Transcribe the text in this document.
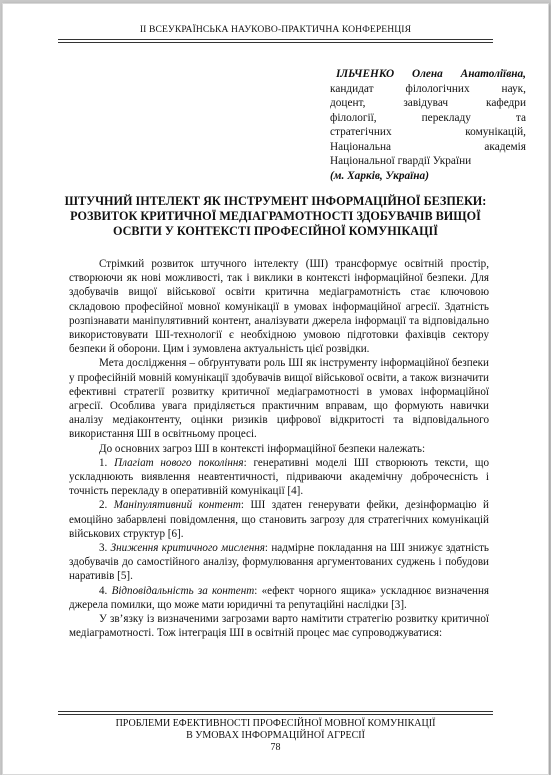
II ВСЕУКРАЇНСЬКА НАУКОВО-ПРАКТИЧНА КОНФЕРЕНЦІЯ
ІЛЬЧЕНКО Олена Анатоліївна,
кандидат філологічних наук,
доцент, завідувач кафедри
філології, перекладу та
стратегічних комунікацій,
Національна академія
Національної гвардії України
(м. Харків, Україна)
ШТУЧНИЙ ІНТЕЛЕКТ ЯК ІНСТРУМЕНТ ІНФОРМАЦІЙНОЇ БЕЗПЕКИ: РОЗВИТОК КРИТИЧНОЇ МЕДІАГРАМОТНОСТІ ЗДОБУВАЧІВ ВИЩОЇ ОСВІТИ У КОНТЕКСТІ ПРОФЕСІЙНОЇ КОМУНІКАЦІЇ

Стрімкий розвиток штучного інтелекту (ШІ) трансформує освітній простір, створюючи як нові можливості, так і виклики в контексті інформаційної безпеки. Для здобувачів вищої військової освіти критична медіаграмотність стає ключовою складовою професійної мовної комунікації в умовах інформаційної агресії. Здатність розпізнавати маніпулятивний контент, аналізувати джерела інформації та відповідально використовувати ШІ-технології є необхідною умовою підготовки фахівців сектору безпеки й оборони. Цим і зумовлена актуальність цієї розвідки.

Мета дослідження – обґрунтувати роль ШІ як інструменту інформаційної безпеки у професійній мовній комунікації здобувачів вищої військової освіти, а також визначити ефективні стратегії розвитку критичної медіаграмотності в умовах інформаційної агресії. Особлива увага приділяється практичним вправам, що формують навички аналізу медіаконтенту, оцінки ризиків цифрової відкритості та відповідального використання ШІ в освітньому процесі.

До основних загроз ШІ в контексті інформаційної безпеки належать:

1. Плагіат нового покоління: генеративні моделі ШІ створюють тексти, що ускладнюють виявлення неавтентичності, підриваючи академічну доброчесність і точність перекладу в оперативній комунікації [4].

2. Маніпулятивний контент: ШІ здатен генерувати фейки, дезінформацію й емоційно забарвлені повідомлення, що становить загрозу для стратегічних комунікацій військових структур [6].

3. Зниження критичного мислення: надмірне покладання на ШІ знижує здатність здобувачів до самостійного аналізу, формулювання аргументованих суджень і побудови наративів [5].

4. Відповідальність за контент: «ефект чорного ящика» ускладнює визначення джерела помилки, що може мати юридичні та репутаційні наслідки [3].

У зв’язку із визначеними загрозами варто намітити стратегію розвитку критичної медіаграмотності. Тож інтеграція ШІ в освітній процес має супроводжуватися:

ПРОБЛЕМИ ЕФЕКТИВНОСТІ ПРОФЕСІЙНОЇ МОВНОЇ КОМУНІКАЦІЇ
В УМОВАХ ІНФОРМАЦІЙНОЇ АГРЕСІЇ
78
